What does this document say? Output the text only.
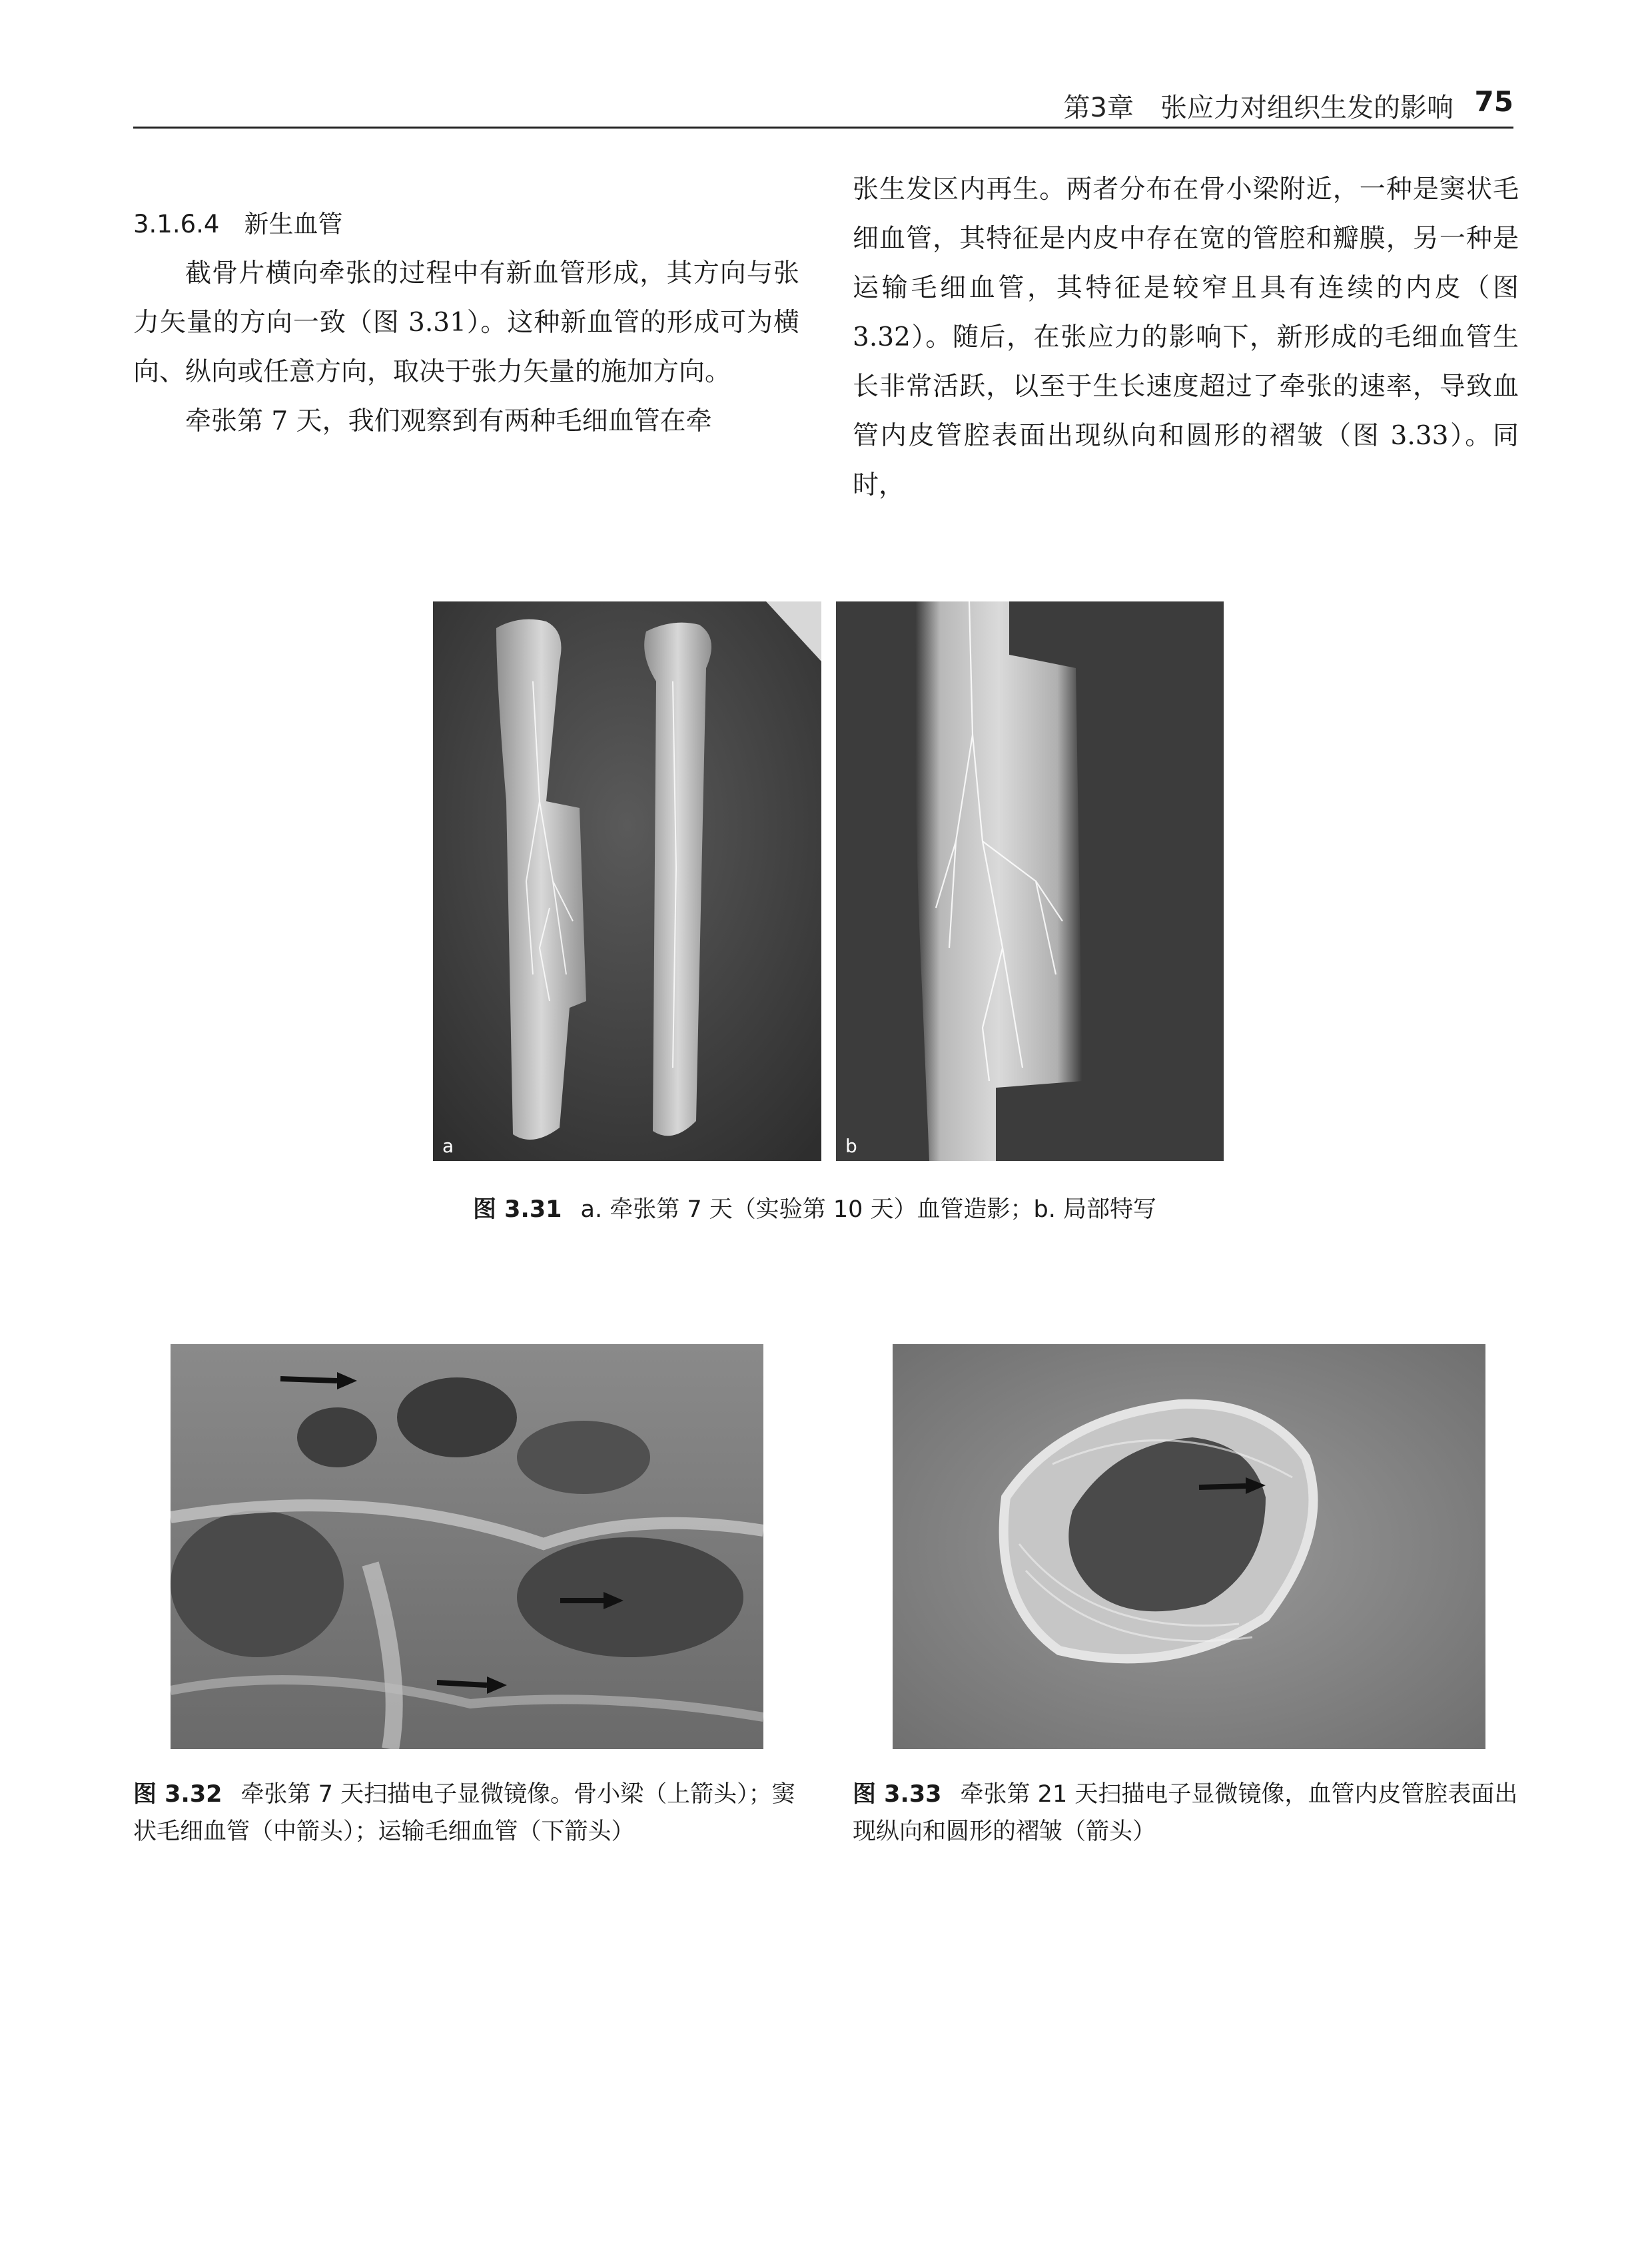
第3章　张应力对组织生发的影响 75

3.1.6.4　新生血管

截骨片横向牵张的过程中有新血管形成，其方向与张力矢量的方向一致（图 3.31）。这种新血管的形成可为横向、纵向或任意方向，取决于张力矢量的施加方向。

牵张第 7 天，我们观察到有两种毛细血管在牵

张生发区内再生。两者分布在骨小梁附近，一种是窦状毛细血管，其特征是内皮中存在宽的管腔和瓣膜，另一种是运输毛细血管，其特征是较窄且具有连续的内皮（图 3.32）。随后，在张应力的影响下，新形成的毛细血管生长非常活跃，以至于生长速度超过了牵张的速率，导致血管内皮管腔表面出现纵向和圆形的褶皱（图 3.33）。同时，

a	b
图 3.31 a. 牵张第 7 天（实验第 10 天）血管造影；b. 局部特写
图 3.32 牵张第 7 天扫描电子显微镜像。骨小梁（上箭头）；窦状毛细血管（中箭头）；运输毛细血管（下箭头）
图 3.33 牵张第 21 天扫描电子显微镜像，血管内皮管腔表面出现纵向和圆形的褶皱（箭头）
